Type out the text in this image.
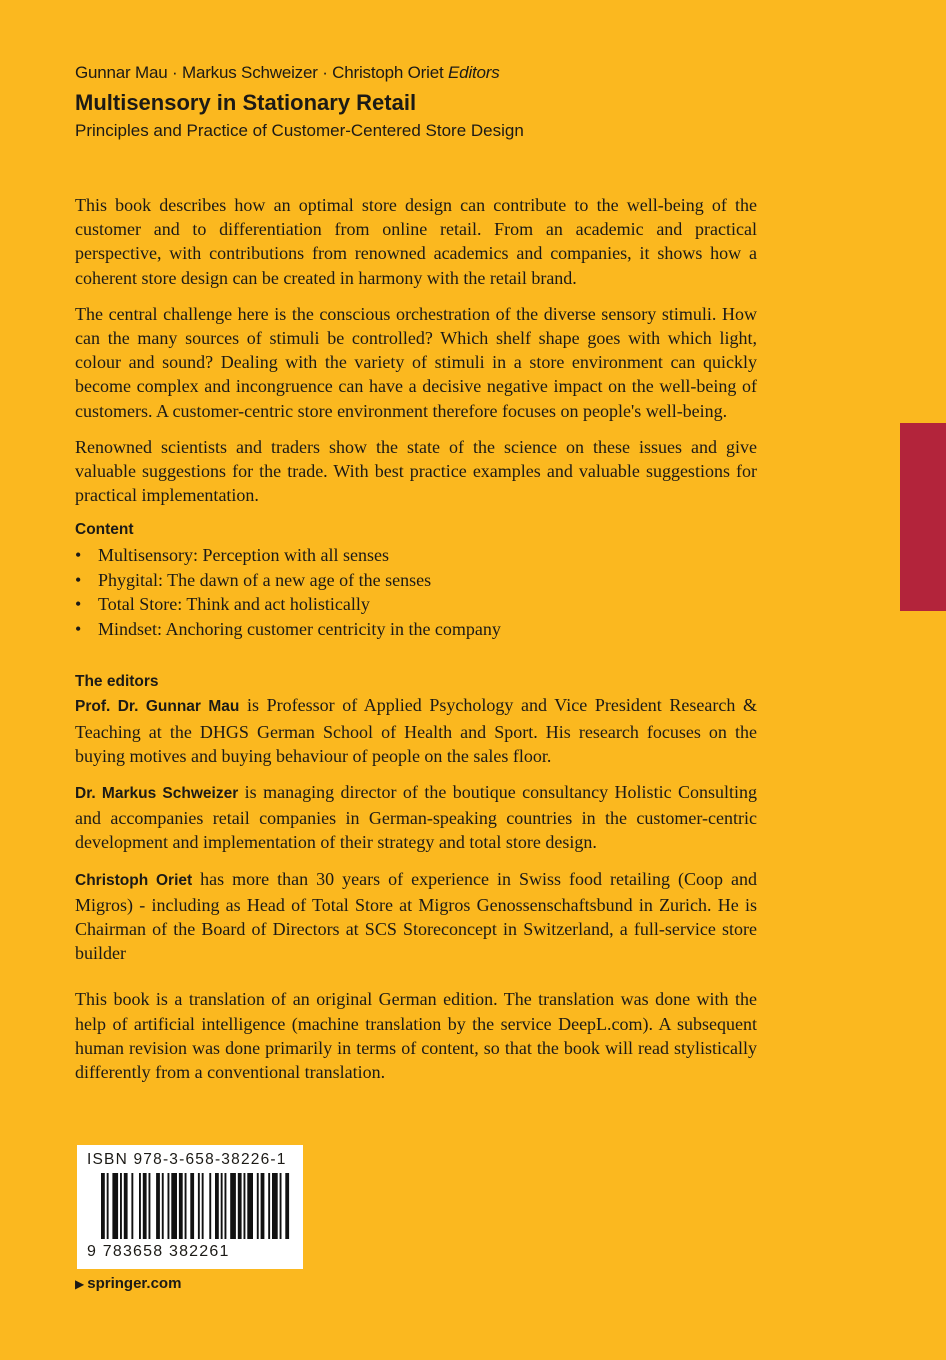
Gunnar Mau · Markus Schweizer · Christoph Oriet Editors

Multisensory in Stationary Retail

Principles and Practice of Customer-Centered Store Design

This book describes how an optimal store design can contribute to the well-being of the customer and to differentiation from online retail. From an academic and practical perspective, with contributions from renowned academics and companies, it shows how a coherent store design can be created in harmony with the retail brand.

The central challenge here is the conscious orchestration of the diverse sensory stimuli. How can the many sources of stimuli be controlled? Which shelf shape goes with which light, colour and sound? Dealing with the variety of stimuli in a store environment can quickly become complex and incongruence can have a decisive negative impact on the well-being of customers. A customer-centric store environment therefore focuses on people's well-being.

Renowned scientists and traders show the state of the science on these issues and give valuable suggestions for the trade. With best practice examples and valuable suggestions for practical implementation.

Content
• Multisensory: Perception with all senses
• Phygital: The dawn of a new age of the senses
• Total Store: Think and act holistically
• Mindset: Anchoring customer centricity in the company
The editors

Prof. Dr. Gunnar Mau is Professor of Applied Psychology and Vice President Research & Teaching at the DHGS German School of Health and Sport. His research focuses on the buying motives and buying behaviour of people on the sales floor.

Dr. Markus Schweizer is managing director of the boutique consultancy Holistic Consulting and accompanies retail companies in German-speaking countries in the customer-centric development and implementation of their strategy and total store design.

Christoph Oriet has more than 30 years of experience in Swiss food retailing (Coop and Migros) - including as Head of Total Store at Migros Genossenschaftsbund in Zurich. He is Chairman of the Board of Directors at SCS Storeconcept in Switzerland, a full-service store builder

This book is a translation of an original German edition. The translation was done with the help of artificial intelligence (machine translation by the service DeepL.com). A subsequent human revision was done primarily in terms of content, so that the book will read stylistically differently from a conventional translation.

ISBN 978-3-658-38226-1
9 783658 382261
▶ springer.com
